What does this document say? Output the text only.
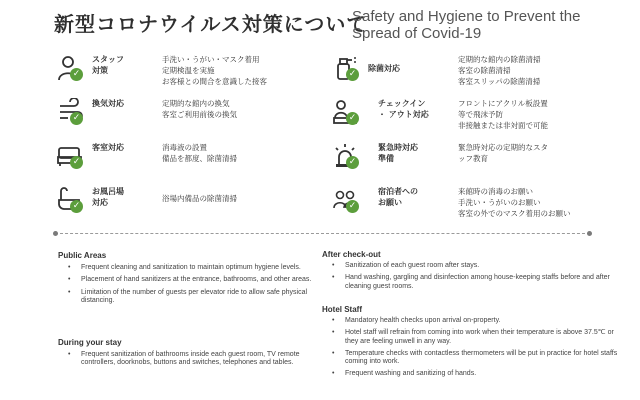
新型コロナウイルス対策について
Safety and Hygiene to Prevent the Spread of Covid-19
✓
スタッフ
対策
手洗い・うがい・マスク着用
定期検温を実施
お客様との間合を意識した接客
✓
換気対応	定期的な館内の換気
客室ご利用前後の換気
✓
客室対応	消毒液の設置
備品を都度、除菌清掃
✓
お風呂場
対応	浴場内備品の除菌清掃
✓
除菌対応
定期的な館内の除菌清掃
客室の除菌清掃
客室スリッパの除菌清掃
✓
チェックイン
・ アウト対応
フロントにアクリル板設置
等で飛沫予防
非接触または非対面で可能
✓
緊急時対応
準備
緊急時対応の定期的なスタ
ッフ教育
✓
宿泊者への
お願い
来館時の消毒のお願い
手洗い・うがいのお願い
客室の外でのマスク着用のお願い
Public Areas
• Frequent cleaning and sanitization to maintain optimum hygiene levels.
• Placement of hand sanitizers at the entrance, bathrooms, and other areas.
• Limitation of the number of guests per elevator ride to allow safe physical distancing.
During your stay
• Frequent sanitization of bathrooms inside each guest room, TV remote controllers, doorknobs, buttons and switches, telephones and tables.
After check-out
• Sanitization of each guest room after stays.
• Hand washing, gargling and disinfection among house-keeping staffs before and after cleaning guest rooms.
Hotel Staff
• Mandatory health checks upon arrival on-property.
• Hotel staff will refrain from coming into work when their temperature is above 37.5℃ or they are feeling unwell in any way.
• Temperature checks with contactless thermometers will be put in practice for hotel staffs coming into work.
• Frequent washing and sanitizing of hands.
